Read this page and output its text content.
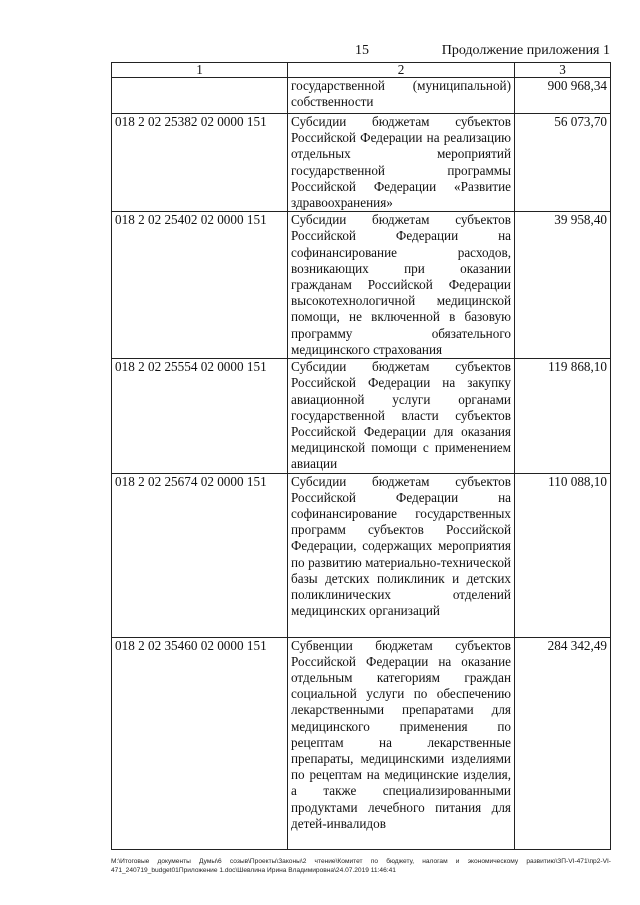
15	Продолжение приложения 1
1	2	3
	государственной (муниципальной) собственности	900 968,34
018 2 02 25382 02 0000 151	Субсидии бюджетам субъектов Российской Федерации на реализацию отдельных мероприятий государственной программы Российской Федерации «Развитие здравоохранения»	56 073,70
018 2 02 25402 02 0000 151	Субсидии бюджетам субъектов Российской Федерации на софинансирование расходов, возникающих при оказании гражданам Российской Федерации высокотехнологичной медицинской помощи, не включенной в базовую программу обязательного медицинского страхования	39 958,40
018 2 02 25554 02 0000 151	Субсидии бюджетам субъектов Российской Федерации на закупку авиационной услуги органами государственной власти субъектов Российской Федерации для оказания медицинской помощи с применением авиации	119 868,10
018 2 02 25674 02 0000 151	Субсидии бюджетам субъектов Российской Федерации на софинансирование государственных программ субъектов Российской Федерации, содержащих мероприятия по развитию материально-технической базы детских поликлиник и детских поликлинических отделений медицинских организаций	110 088,10
018 2 02 35460 02 0000 151	Субвенции бюджетам субъектов Российской Федерации на оказание отдельным категориям граждан социальной услуги по обеспечению лекарственными препаратами для медицинского применения по рецептам на лекарственные препараты, медицинскими изделиями по рецептам на медицинские изделия, а также специализированными продуктами лечебного питания для детей-инвалидов	284 342,49
M:\Итоговые документы Думы\6 созыв\Проекты\Законы\2 чтение\Комитет по бюджету, налогам и экономическому развитию\ЗП-VI-471\пр2-VI-471_240719_budget01Приложение 1.doc\Шевлина Ирина Владимировна\24.07.2019 11:46:41
